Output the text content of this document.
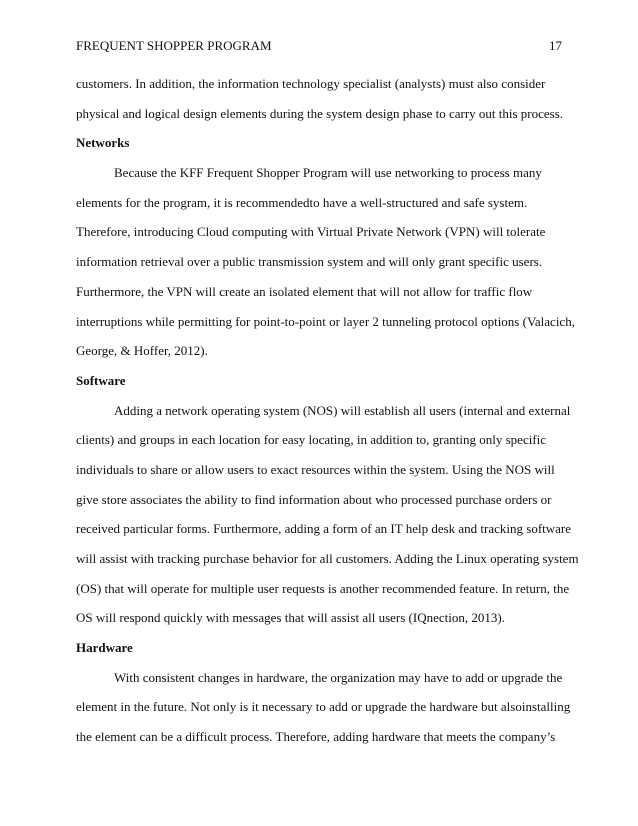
FREQUENT SHOPPER PROGRAM	17
customers. In addition, the information technology specialist (analysts) must also consider
physical and logical design elements during the system design phase to carry out this process.
Networks
Because the KFF Frequent Shopper Program will use networking to process many
elements for the program, it is recommendedto have a well-structured and safe system.
Therefore, introducing Cloud computing with Virtual Private Network (VPN) will tolerate
information retrieval over a public transmission system and will only grant specific users.
Furthermore, the VPN will create an isolated element that will not allow for traffic flow
interruptions while permitting for point-to-point or layer 2 tunneling protocol options (Valacich,
George, & Hoffer, 2012).
Software
Adding a network operating system (NOS) will establish all users (internal and external
clients) and groups in each location for easy locating, in addition to, granting only specific
individuals to share or allow users to exact resources within the system. Using the NOS will
give store associates the ability to find information about who processed purchase orders or
received particular forms. Furthermore, adding a form of an IT help desk and tracking software
will assist with tracking purchase behavior for all customers. Adding the Linux operating system
(OS) that will operate for multiple user requests is another recommended feature. In return, the
OS will respond quickly with messages that will assist all users (IQnection, 2013).
Hardware
With consistent changes in hardware, the organization may have to add or upgrade the
element in the future. Not only is it necessary to add or upgrade the hardware but alsoinstalling
the element can be a difficult process. Therefore, adding hardware that meets the company’s
